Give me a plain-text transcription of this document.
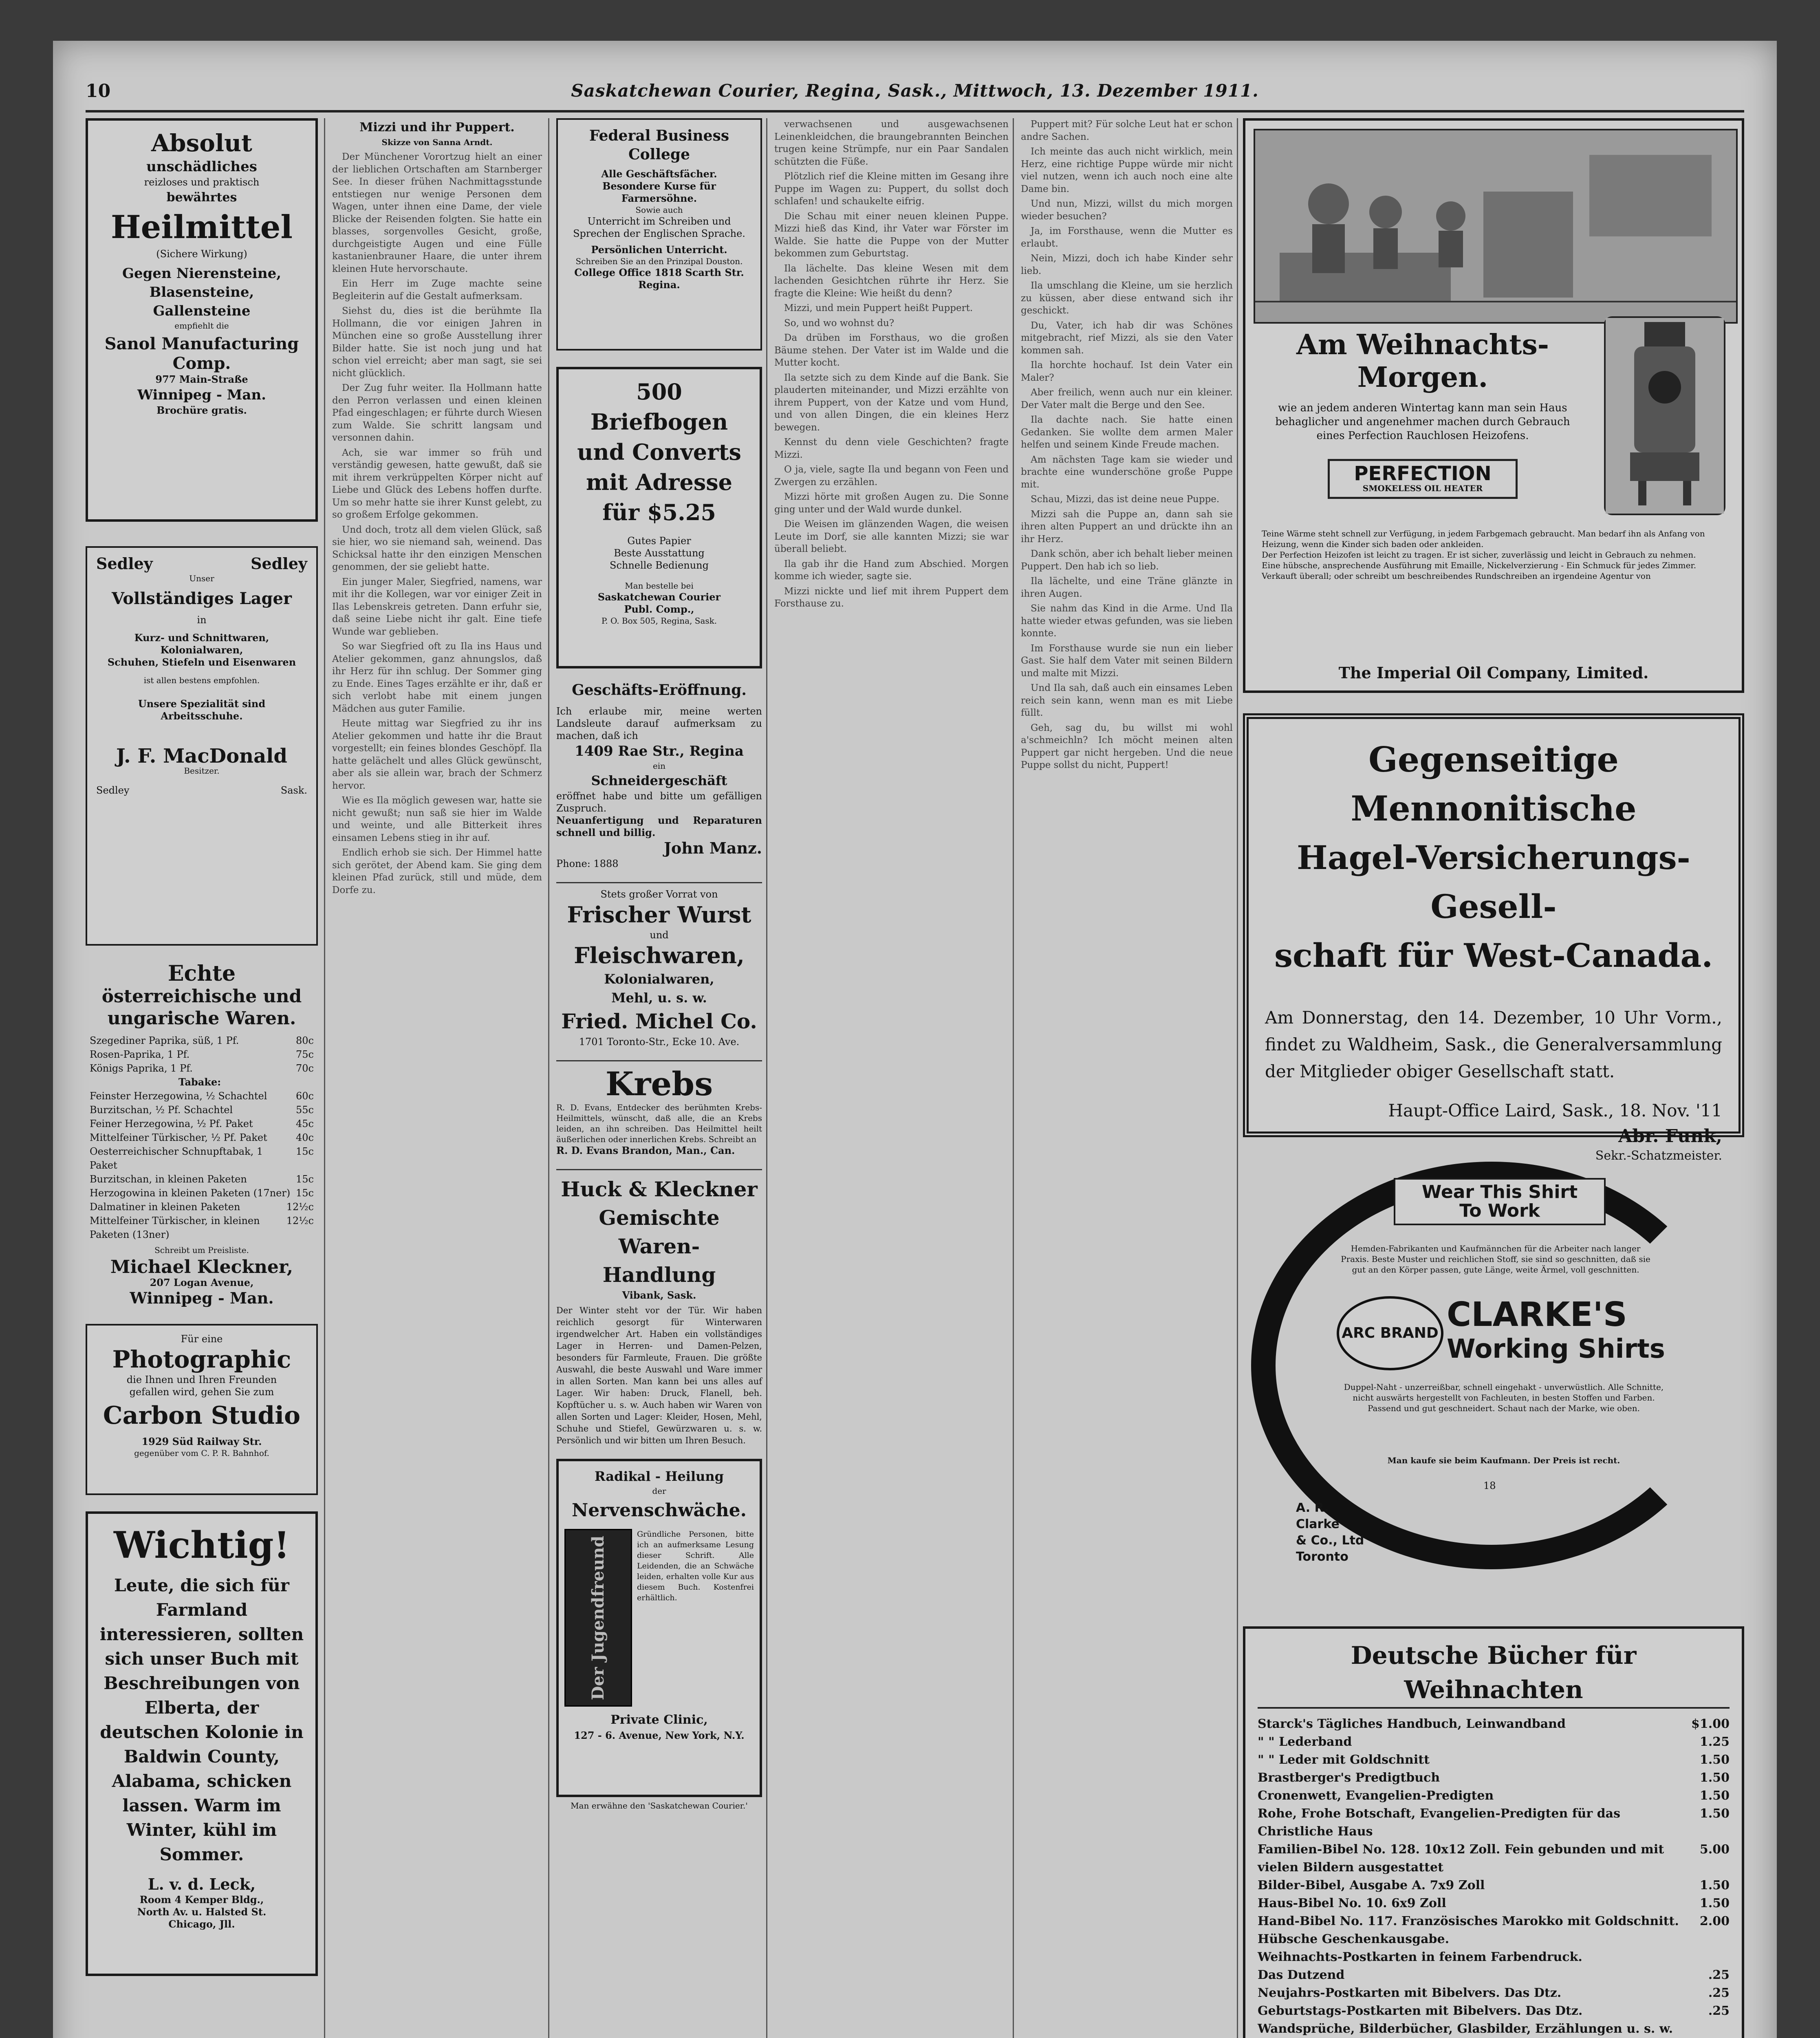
10	Saskatchewan Courier, Regina, Sask., Mittwoch, 13. Dezember 1911.
Absolut
unschädliches
reizloses und praktisch
bewährtes
Heilmittel
(Sichere Wirkung)
Gegen Nierensteine,
Blasensteine,
Gallensteine
empfiehlt die
Sanol Manufacturing Comp.
977 Main-Straße
Winnipeg - Man.
Brochüre gratis.
Sedley	Sedley
Unser
Vollständiges Lager
in
Kurz- und Schnittwaren,
Kolonialwaren,
Schuhen, Stiefeln und Eisenwaren
ist allen bestens empfohlen.
Unsere Spezialität sind
Arbeitsschuhe.
J. F. MacDonald
Besitzer.
Sedley	Sask.
Echte
österreichische und
ungarische Waren.
Szegediner Paprika, süß, 1 Pf.	80c
Rosen-Paprika, 1 Pf.	75c
Königs Paprika, 1 Pf.	70c
Tabake:
Feinster Herzegowina, ½ Schachtel	60c
Burzitschan, ½ Pf. Schachtel	55c
Feiner Herzegowina, ½ Pf. Paket	45c
Mittelfeiner Türkischer, ½ Pf. Paket	40c
Oesterreichischer Schnupftabak, 1 Paket
15c
Burzitschan, in kleinen Paketen	15c
Herzogowina in kleinen Paketen (17ner) 15c
Dalmatiner in kleinen Paketen	12½c
Mittelfeiner Türkischer, in kleinen Paketen (13ner)
12½c
Schreibt um Preisliste.
Michael Kleckner,
207 Logan Avenue,
Winnipeg - Man.
Für eine
Photographic
die Ihnen und Ihren Freunden
gefallen wird, gehen Sie zum
Carbon Studio
1929 Süd Railway Str.
gegenüber vom C. P. R. Bahnhof.
Wichtig!
Leute, die sich für Farmland interessieren, sollten sich unser Buch mit Beschreibungen von Elberta, der deutschen Kolonie in Baldwin County, Alabama, schicken lassen. Warm im Winter, kühl im Sommer.
L. v. d. Leck,
Room 4 Kemper Bldg.,
North Av. u. Halsted St.
Chicago, Jll.
Mizzi und ihr Puppert.
Skizze von Sanna Arndt.

Der Münchener Vorortzug hielt an einer der lieblichen Ortschaften am Starnberger See. In dieser frühen Nachmittagsstunde entstiegen nur wenige Personen dem Wagen, unter ihnen eine Dame, der viele Blicke der Reisenden folgten. Sie hatte ein blasses, sorgenvolles Gesicht, große, durchgeistigte Augen und eine Fülle kastanienbrauner Haare, die unter ihrem kleinen Hute hervorschaute.

Ein Herr im Zuge machte seine Begleiterin auf die Gestalt aufmerksam.

Siehst du, dies ist die berühmte Ila Hollmann, die vor einigen Jahren in München eine so große Ausstellung ihrer Bilder hatte. Sie ist noch jung und hat schon viel erreicht; aber man sagt, sie sei nicht glücklich.

Der Zug fuhr weiter. Ila Hollmann hatte den Perron verlassen und einen kleinen Pfad eingeschlagen; er führte durch Wiesen zum Walde. Sie schritt langsam und versonnen dahin.

Ach, sie war immer so früh und verständig gewesen, hatte gewußt, daß sie mit ihrem verkrüppelten Körper nicht auf Liebe und Glück des Lebens hoffen durfte. Um so mehr hatte sie ihrer Kunst gelebt, zu so großem Erfolge gekommen.

Und doch, trotz all dem vielen Glück, saß sie hier, wo sie niemand sah, weinend. Das Schicksal hatte ihr den einzigen Menschen genommen, der sie geliebt hatte.

Ein junger Maler, Siegfried, namens, war mit ihr die Kollegen, war vor einiger Zeit in Ilas Lebenskreis getreten. Dann erfuhr sie, daß seine Liebe nicht ihr galt. Eine tiefe Wunde war geblieben.

So war Siegfried oft zu Ila ins Haus und Atelier gekommen, ganz ahnungslos, daß ihr Herz für ihn schlug. Der Sommer ging zu Ende. Eines Tages erzählte er ihr, daß er sich verlobt habe mit einem jungen Mädchen aus guter Familie.

Heute mittag war Siegfried zu ihr ins Atelier gekommen und hatte ihr die Braut vorgestellt; ein feines blondes Geschöpf. Ila hatte gelächelt und alles Glück gewünscht, aber als sie allein war, brach der Schmerz hervor.

Wie es Ila möglich gewesen war, hatte sie nicht gewußt; nun saß sie hier im Walde und weinte, und alle Bitterkeit ihres einsamen Lebens stieg in ihr auf.

Endlich erhob sie sich. Der Himmel hatte sich gerötet, der Abend kam. Sie ging dem kleinen Pfad zurück, still und müde, dem Dorfe zu.

Federal Business College
Alle Geschäftsfächer.
Besondere Kurse für Farmersöhne.
Sowie auch
Unterricht im Schreiben und Sprechen der Englischen Sprache.
Persönlichen Unterricht.
Schreiben Sie an den Prinzipal Douston.
College Office 1818 Scarth Str.
Regina.
500 Briefbogen und Converts mit Adresse für $5.25
Gutes Papier
Beste Ausstattung
Schnelle Bedienung
Man bestelle bei
Saskatchewan Courier
Publ. Comp.,
P. O. Box 505, Regina, Sask.
Geschäfts-Eröffnung.
Ich erlaube mir, meine werten Landsleute darauf aufmerksam zu machen, daß ich
1409 Rae Str., Regina
ein
Schneidergeschäft
eröffnet habe und bitte um gefälligen Zuspruch.
Neuanfertigung und Reparaturen schnell und billig.
John Manz.
Phone: 1888
Stets großer Vorrat von
Frischer Wurst
und
Fleischwaren,
Kolonialwaren,
Mehl, u. s. w.
Fried. Michel Co.
1701 Toronto-Str., Ecke 10. Ave.
Krebs
R. D. Evans, Entdecker des berühmten Krebs-Heilmittels, wünscht, daß alle, die an Krebs leiden, an ihn schreiben. Das Heilmittel heilt äußerlichen oder innerlichen Krebs. Schreibt an
R. D. Evans Brandon, Man., Can.
Huck & Kleckner
Gemischte Waren-
Handlung
Vibank, Sask.
Der Winter steht vor der Tür. Wir haben reichlich gesorgt für Winterwaren irgendwelcher Art. Haben ein vollständiges Lager in Herren- und Damen-Pelzen, besonders für Farmleute, Frauen. Die größte Auswahl, die beste Auswahl und Ware immer in allen Sorten. Man kann bei uns alles auf Lager. Wir haben: Druck, Flanell, beh. Kopftücher u. s. w. Auch haben wir Waren von allen Sorten und Lager: Kleider, Hosen, Mehl, Schuhe und Stiefel, Gewürzwaren u. s. w. Persönlich und wir bitten um Ihren Besuch.
Radikal - Heilung
der
Nervenschwäche.
Der Jugendfreund
Gründliche Personen, bitte ich an aufmerksame Lesung dieser Schrift. Alle Leidenden, die an Schwäche leiden, erhalten volle Kur aus diesem Buch. Kostenfrei erhältlich.
Private Clinic,
127 - 6. Avenue, New York, N.Y.
Man erwähne den 'Saskatchewan Courier.'

verwachsenen und ausgewachsenen Leinenkleidchen, die braungebrannten Beinchen trugen keine Strümpfe, nur ein Paar Sandalen schützten die Füße.

Plötzlich rief die Kleine mitten im Gesang ihre Puppe im Wagen zu: Puppert, du sollst doch schlafen! und schaukelte eifrig.

Die Schau mit einer neuen kleinen Puppe. Mizzi hieß das Kind, ihr Vater war Förster im Walde. Sie hatte die Puppe von der Mutter bekommen zum Geburtstag.

Ila lächelte. Das kleine Wesen mit dem lachenden Gesichtchen rührte ihr Herz. Sie fragte die Kleine: Wie heißt du denn?

Mizzi, und mein Puppert heißt Puppert.

So, und wo wohnst du?

Da drüben im Forsthaus, wo die großen Bäume stehen. Der Vater ist im Walde und die Mutter kocht.

Ila setzte sich zu dem Kinde auf die Bank. Sie plauderten miteinander, und Mizzi erzählte von ihrem Puppert, von der Katze und vom Hund, und von allen Dingen, die ein kleines Herz bewegen.

Kennst du denn viele Geschichten? fragte Mizzi.

O ja, viele, sagte Ila und begann von Feen und Zwergen zu erzählen.

Mizzi hörte mit großen Augen zu. Die Sonne ging unter und der Wald wurde dunkel.

Die Weisen im glänzenden Wagen, die weisen Leute im Dorf, sie alle kannten Mizzi; sie war überall beliebt.

Ila gab ihr die Hand zum Abschied. Morgen komme ich wieder, sagte sie.

Mizzi nickte und lief mit ihrem Puppert dem Forsthause zu.

Puppert mit? Für solche Leut hat er schon andre Sachen.

Ich meinte das auch nicht wirklich, mein Herz, eine richtige Puppe würde mir nicht viel nutzen, wenn ich auch noch eine alte Dame bin.

Und nun, Mizzi, willst du mich morgen wieder besuchen?

Ja, im Forsthause, wenn die Mutter es erlaubt.

Nein, Mizzi, doch ich habe Kinder sehr lieb.

Ila umschlang die Kleine, um sie herzlich zu küssen, aber diese entwand sich ihr geschickt.

Du, Vater, ich hab dir was Schönes mitgebracht, rief Mizzi, als sie den Vater kommen sah.

Ila horchte hochauf. Ist dein Vater ein Maler?

Aber freilich, wenn auch nur ein kleiner. Der Vater malt die Berge und den See.

Ila dachte nach. Sie hatte einen Gedanken. Sie wollte dem armen Maler helfen und seinem Kinde Freude machen.

Am nächsten Tage kam sie wieder und brachte eine wunderschöne große Puppe mit.

Schau, Mizzi, das ist deine neue Puppe.

Mizzi sah die Puppe an, dann sah sie ihren alten Puppert an und drückte ihn an ihr Herz.

Dank schön, aber ich behalt lieber meinen Puppert. Den hab ich so lieb.

Ila lächelte, und eine Träne glänzte in ihren Augen.

Sie nahm das Kind in die Arme. Und Ila hatte wieder etwas gefunden, was sie lieben konnte.

Im Forsthause wurde sie nun ein lieber Gast. Sie half dem Vater mit seinen Bildern und malte mit Mizzi.

Und Ila sah, daß auch ein einsames Leben reich sein kann, wenn man es mit Liebe füllt.

Geh, sag du, bu willst mi wohl a'schmeichln? Ich möcht meinen alten Puppert gar nicht hergeben. Und die neue Puppe sollst du nicht, Puppert!

Am Weihnachts-
Morgen.
wie an jedem anderen Wintertag kann man sein Haus behaglicher und angenehmer machen durch Gebrauch eines Perfection Rauchlosen Heizofens.
PERFECTION
SMOKELESS OIL HEATER
Teine Wärme steht schnell zur Verfügung, in jedem Farbgemach gebraucht. Man bedarf ihn als Anfang von Heizung, wenn die Kinder sich baden oder ankleiden.
Der Perfection Heizofen ist leicht zu tragen. Er ist sicher, zuverlässig und leicht in Gebrauch zu nehmen.
Eine hübsche, ansprechende Ausführung mit Emaille, Nickelverzierung - Ein Schmuck für jedes Zimmer.
Verkauft überall; oder schreibt um beschreibendes Rundschreiben an irgendeine Agentur von
The Imperial Oil Company, Limited.
Gegenseitige Mennonitische
Hagel-Versicherungs-Gesell-
schaft für West-Canada.
Am Donnerstag, den 14. Dezember, 10 Uhr Vorm., findet zu Waldheim, Sask., die Generalversammlung der Mitglieder obiger Gesellschaft statt.
Haupt-Office Laird, Sask., 18. Nov. '11
Abr. Funk,
Sekr.-Schatzmeister.
Wear This Shirt
To Work
Hemden-Fabrikanten und Kaufmännchen für die Arbeiter nach langer Praxis. Beste Muster und reichlichen Stoff, sie sind so geschnitten, daß sie gut an den Körper passen, gute Länge, weite Ärmel, voll geschnitten.
ARC BRAND CLARKE'S
Working Shirts
Duppel-Naht - unzerreißbar, schnell eingehakt - unverwüstlich. Alle Schnitte, nicht auswärts hergestellt von Fachleuten, in besten Stoffen und Farben. Passend und gut geschneidert. Schaut nach der Marke, wie oben.
Man kaufe sie beim Kaufmann. Der Preis ist recht.
18
A. R.
Clarke
& Co., Ltd
Toronto
Deutsche Bücher für Weihnachten
Starck's Tägliches Handbuch, Leinwandband	$1.00
" " Lederband	1.25
" " Leder mit Goldschnitt	1.50
Brastberger's Predigtbuch	1.50
Cronenwett, Evangelien-Predigten	1.50
Rohe, Frohe Botschaft, Evangelien-Predigten für das Christliche Haus
1.50
Familien-Bibel No. 128. 10x12 Zoll. Fein gebunden und mit vielen Bildern ausgestattet
5.00
Bilder-Bibel, Ausgabe A. 7x9 Zoll	1.50
Haus-Bibel No. 10. 6x9 Zoll	1.50
Hand-Bibel No. 117. Französisches Marokko mit Goldschnitt. Hübsche Geschenkausgabe.
2.00
Weihnachts-Postkarten in feinem Farbendruck.
Das Dutzend	.25
Neujahrs-Postkarten mit Bibelvers. Das Dtz.	.25
Geburtstags-Postkarten mit Bibelvers. Das Dtz.	.25
Wandsprüche, Bilderbücher, Glasbilder, Erzählungen u. s. w.
